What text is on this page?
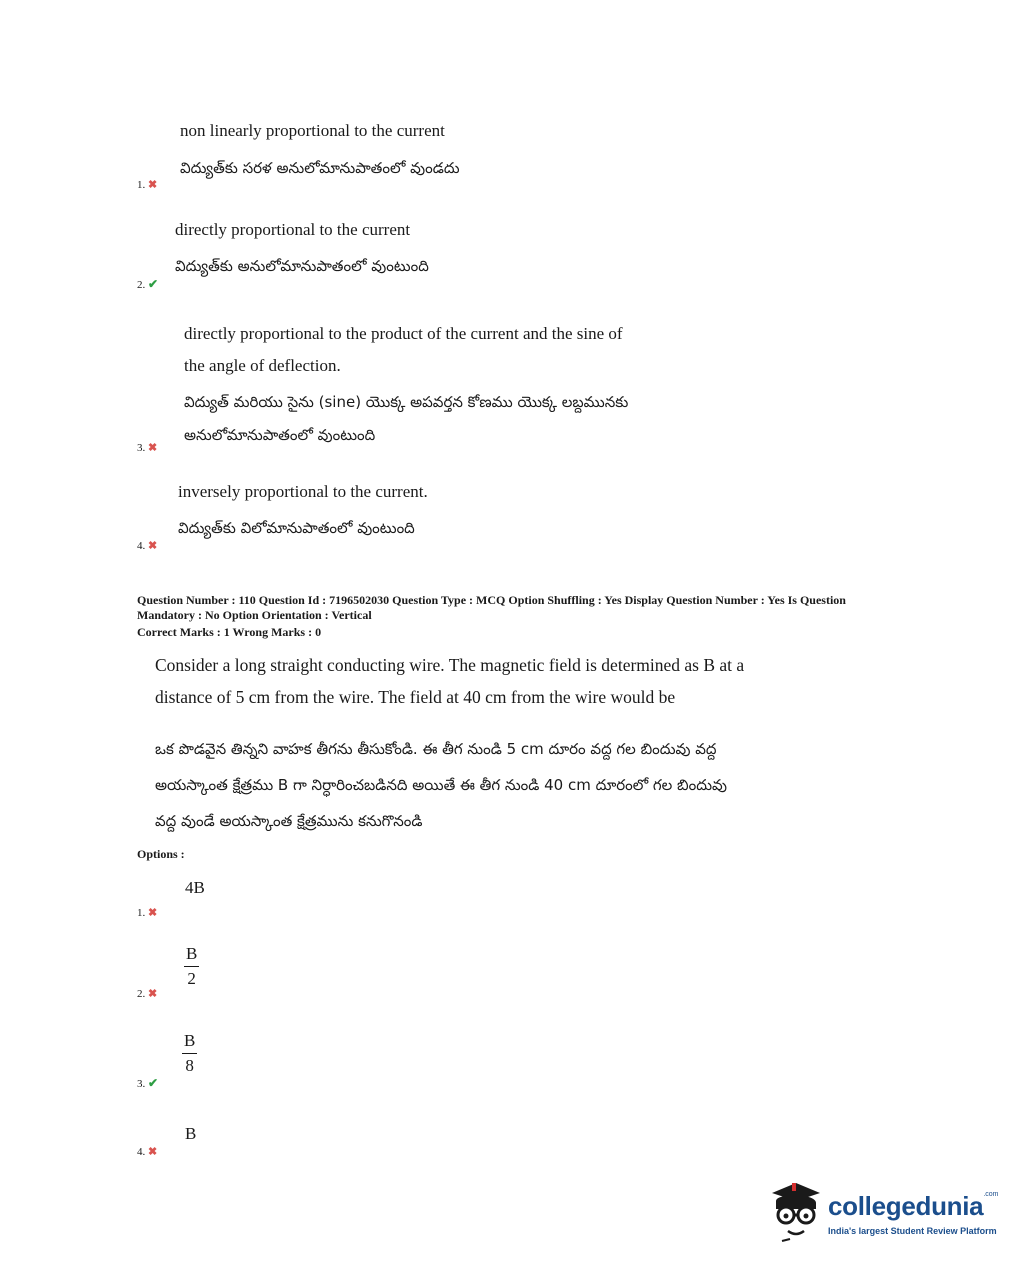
non linearly proportional to the current
విద్యుత్‌కు సరళ అనులోమానుపాతంలో వుండదు
1. ✖
directly proportional to the current
విద్యుత్‌కు అనులోమానుపాతంలో వుంటుంది
2. ✔
directly proportional to the product of the current and the sine of
the angle of deflection.
విద్యుత్ మరియు సైను (sine) యొక్క అపవర్తన కోణము యొక్క లబ్దమునకు
అనులోమానుపాతంలో వుంటుంది
3. ✖
inversely proportional to the current.
విద్యుత్‌కు విలోమానుపాతంలో వుంటుంది
4. ✖
Question Number : 110 Question Id : 7196502030 Question Type : MCQ Option Shuffling : Yes Display Question Number : Yes Is Question
Mandatory : No Option Orientation : Vertical
Correct Marks : 1 Wrong Marks : 0
Consider a long straight conducting wire. The magnetic field is determined as B at a
distance of 5 cm from the wire. The field at 40 cm from the wire would be
ఒక పొడవైన తిన్నని వాహక తీగను తీసుకోండి. ఈ తీగ నుండి 5 cm దూరం వద్ద గల బిందువు వద్ద
అయస్కాంత క్షేత్రము B గా నిర్ధారించబడినది అయితే ఈ తీగ నుండి 40 cm దూరంలో గల బిందువు
వద్ద వుండే అయస్కాంత క్షేత్రమును కనుగొనండి
Options :
4B
1. ✖
$\frac{B}{2}$
2. ✖
$\frac{B}{8}$
3. ✔
B
4. ✖
collegedunia$^{.com}$
India's largest Student Review Platform
